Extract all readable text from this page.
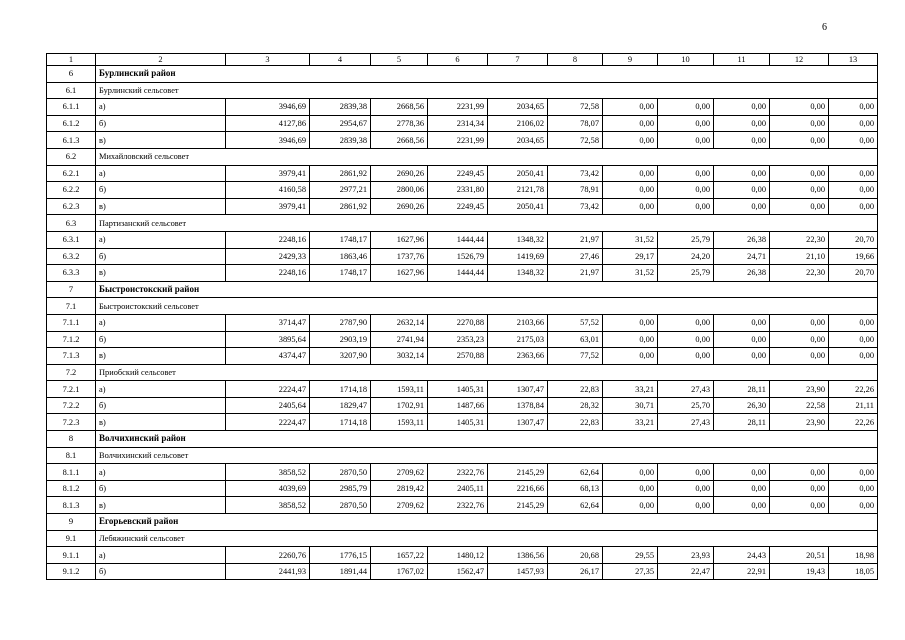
6
1	2	3	4	5	6	7	8	9	10	11	12	13
6	Бурлинский район											
6.1	Бурлинский сельсовет											
6.1.1	а)	3946,69	2839,38	2668,56	2231,99	2034,65	72,58	0,00	0,00	0,00	0,00	0,00
6.1.2	б)	4127,86	2954,67	2778,36	2314,34	2106,02	78,07	0,00	0,00	0,00	0,00	0,00
6.1.3	в)	3946,69	2839,38	2668,56	2231,99	2034,65	72,58	0,00	0,00	0,00	0,00	0,00
6.2	Михайловский сельсовет											
6.2.1	а)	3979,41	2861,92	2690,26	2249,45	2050,41	73,42	0,00	0,00	0,00	0,00	0,00
6.2.2	б)	4160,58	2977,21	2800,06	2331,80	2121,78	78,91	0,00	0,00	0,00	0,00	0,00
6.2.3	в)	3979,41	2861,92	2690,26	2249,45	2050,41	73,42	0,00	0,00	0,00	0,00	0,00
6.3	Партизанский сельсовет											
6.3.1	а)	2248,16	1748,17	1627,96	1444,44	1348,32	21,97	31,52	25,79	26,38	22,30	20,70
6.3.2	б)	2429,33	1863,46	1737,76	1526,79	1419,69	27,46	29,17	24,20	24,71	21,10	19,66
6.3.3	в)	2248,16	1748,17	1627,96	1444,44	1348,32	21,97	31,52	25,79	26,38	22,30	20,70
7	Быстроистокский район											
7.1	Быстроистокский сельсовет											
7.1.1	а)	3714,47	2787,90	2632,14	2270,88	2103,66	57,52	0,00	0,00	0,00	0,00	0,00
7.1.2	б)	3895,64	2903,19	2741,94	2353,23	2175,03	63,01	0,00	0,00	0,00	0,00	0,00
7.1.3	в)	4374,47	3207,90	3032,14	2570,88	2363,66	77,52	0,00	0,00	0,00	0,00	0,00
7.2	Приобский сельсовет											
7.2.1	а)	2224,47	1714,18	1593,11	1405,31	1307,47	22,83	33,21	27,43	28,11	23,90	22,26
7.2.2	б)	2405,64	1829,47	1702,91	1487,66	1378,84	28,32	30,71	25,70	26,30	22,58	21,11
7.2.3	в)	2224,47	1714,18	1593,11	1405,31	1307,47	22,83	33,21	27,43	28,11	23,90	22,26
8	Волчихинский район											
8.1	Волчихинский сельсовет											
8.1.1	а)	3858,52	2870,50	2709,62	2322,76	2145,29	62,64	0,00	0,00	0,00	0,00	0,00
8.1.2	б)	4039,69	2985,79	2819,42	2405,11	2216,66	68,13	0,00	0,00	0,00	0,00	0,00
8.1.3	в)	3858,52	2870,50	2709,62	2322,76	2145,29	62,64	0,00	0,00	0,00	0,00	0,00
9	Егорьевский район											
9.1	Лебяжинский сельсовет											
9.1.1	а)	2260,76	1776,15	1657,22	1480,12	1386,56	20,68	29,55	23,93	24,43	20,51	18,98
9.1.2	б)	2441,93	1891,44	1767,02	1562,47	1457,93	26,17	27,35	22,47	22,91	19,43	18,05
